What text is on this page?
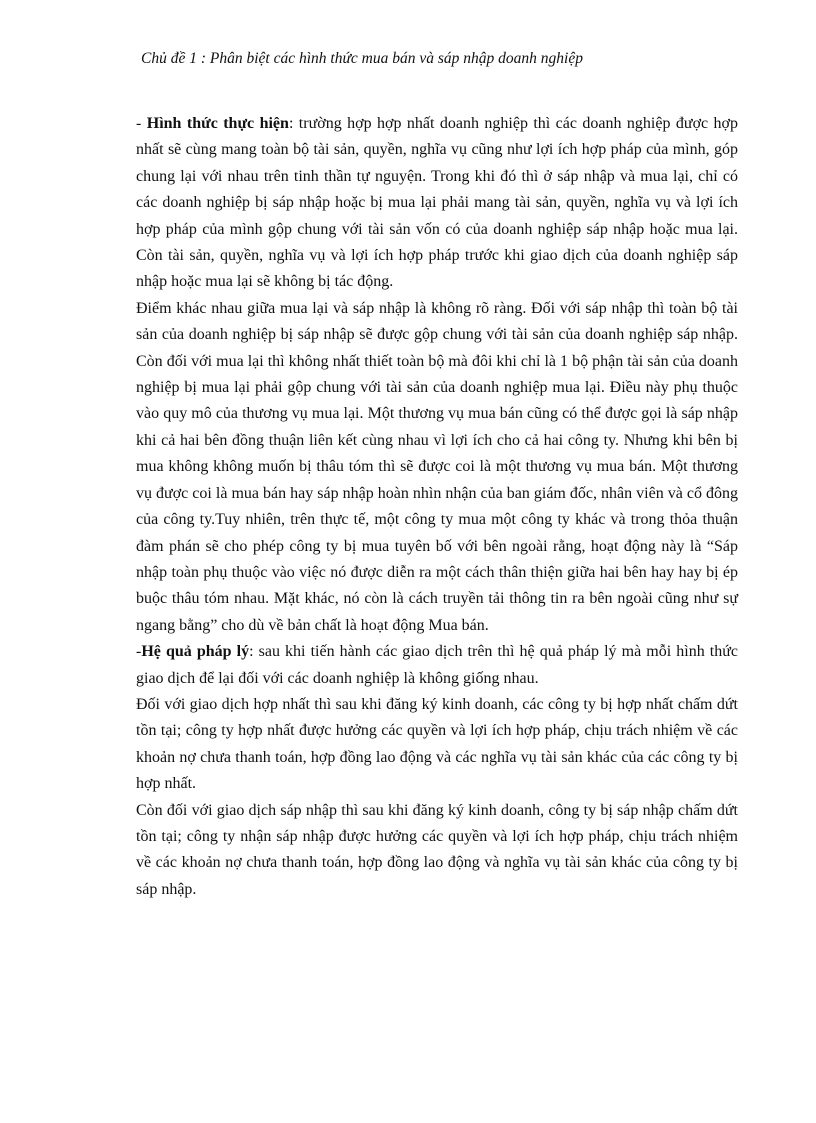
Chủ đề 1 : Phân biệt các hình thức mua bán và sáp nhập doanh nghiệp

- Hình thức thực hiện: trường hợp hợp nhất doanh nghiệp thì các doanh nghiệp được hợp nhất sẽ cùng mang toàn bộ tài sản, quyền, nghĩa vụ cũng như lợi ích hợp pháp của mình, góp chung lại với nhau trên tinh thần tự nguyện. Trong khi đó thì ở sáp nhập và mua lại, chỉ có các doanh nghiệp bị sáp nhập hoặc bị mua lại phải mang tài sản, quyền, nghĩa vụ và lợi ích hợp pháp của mình gộp chung với tài sản vốn có của doanh nghiệp sáp nhập hoặc mua lại. Còn tài sản, quyền, nghĩa vụ và lợi ích hợp pháp trước khi giao dịch của doanh nghiệp sáp nhập hoặc mua lại sẽ không bị tác động.

Điểm khác nhau giữa mua lại và sáp nhập là không rõ ràng. Đối với sáp nhập thì toàn bộ tài sản của doanh nghiệp bị sáp nhập sẽ được gộp chung với tài sản của doanh nghiệp sáp nhập. Còn đối với mua lại thì không nhất thiết toàn bộ mà đôi khi chỉ là 1 bộ phận tài sản của doanh nghiệp bị mua lại phải gộp chung với tài sản của doanh nghiệp mua lại. Điều này phụ thuộc vào quy mô của thương vụ mua lại. Một thương vụ mua bán cũng có thể được gọi là sáp nhập khi cả hai bên đồng thuận liên kết cùng nhau vì lợi ích cho cả hai công ty. Nhưng khi bên bị mua không không muốn bị thâu tóm thì sẽ được coi là một thương vụ mua bán. Một thương vụ được coi là mua bán hay sáp nhập hoàn nhìn nhận của ban giám đốc, nhân viên và cổ đông của công ty.Tuy nhiên, trên thực tế, một công ty mua một công ty khác và trong thỏa thuận đàm phán sẽ cho phép công ty bị mua tuyên bố với bên ngoài rằng, hoạt động này là “Sáp nhập toàn phụ thuộc vào việc nó được diễn ra một cách thân thiện giữa hai bên hay hay bị ép buộc thâu tóm nhau. Mặt khác, nó còn là cách truyền tải thông tin ra bên ngoài cũng như sự ngang bằng” cho dù về bản chất là hoạt động Mua bán.

-Hệ quả pháp lý: sau khi tiến hành các giao dịch trên thì hệ quả pháp lý mà mỗi hình thức giao dịch để lại đối với các doanh nghiệp là không giống nhau.

Đối với giao dịch hợp nhất thì sau khi đăng ký kinh doanh, các công ty bị hợp nhất chấm dứt tồn tại; công ty hợp nhất được hưởng các quyền và lợi ích hợp pháp, chịu trách nhiệm về các khoản nợ chưa thanh toán, hợp đồng lao động và các nghĩa vụ tài sản khác của các công ty bị hợp nhất.

Còn đối với giao dịch sáp nhập thì sau khi đăng ký kinh doanh, công ty bị sáp nhập chấm dứt tồn tại; công ty nhận sáp nhập được hưởng các quyền và lợi ích hợp pháp, chịu trách nhiệm về các khoản nợ chưa thanh toán, hợp đồng lao động và nghĩa vụ tài sản khác của công ty bị sáp nhập.
